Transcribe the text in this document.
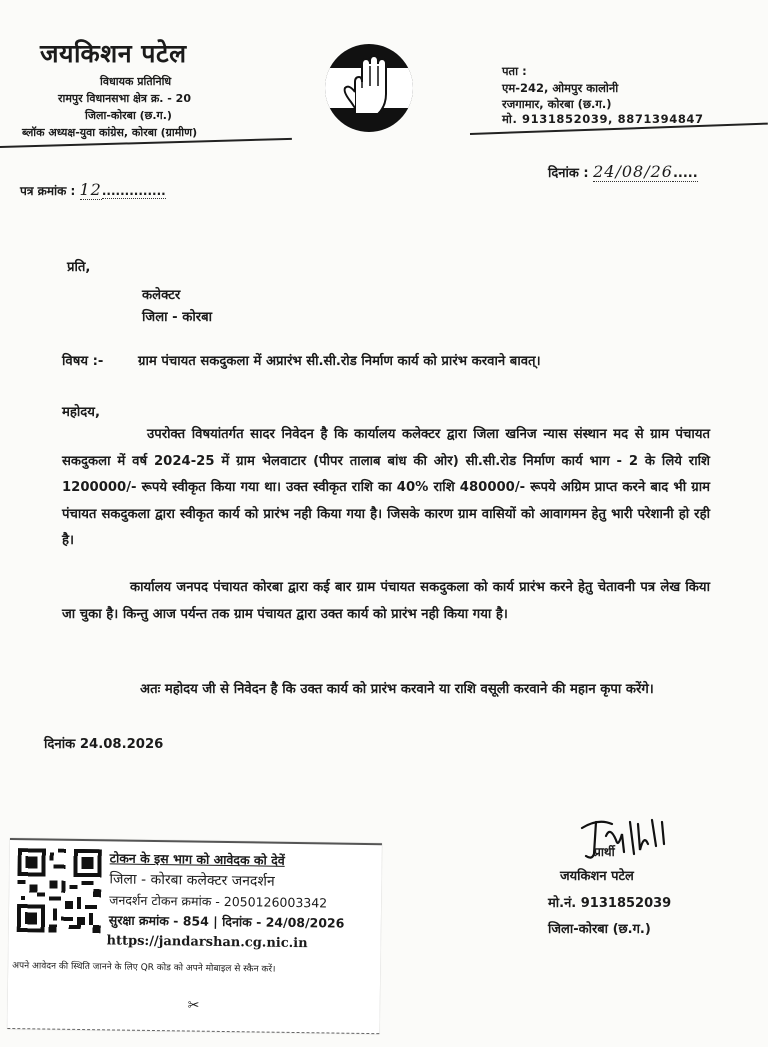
जयकिशन पटेल
विधायक प्रतिनिधि
रामपुर विधानसभा क्षेत्र क्र. - 20
जिला-कोरबा (छ.ग.)
ब्लॉक अध्यक्ष-युवा कांग्रेस, कोरबा (ग्रामीण)
पता :
एम-242, ओमपुर कालोनी
रजगामार, कोरबा (छ.ग.)
मो. 9131852039, 8871394847
पत्र क्रमांक : 12..............
दिनांक : 24/08/26.....
प्रति,
कलेक्टर
जिला - कोरबा
विषय :-	ग्राम पंचायत सकदुकला में अप्रारंभ सी.सी.रोड निर्माण कार्य को प्रारंभ करवाने बावत्।
महोदय,
उपरोक्त विषयांतर्गत सादर निवेदन है कि कार्यालय कलेक्टर द्वारा जिला खनिज न्यास संस्थान मद से ग्राम पंचायत सकदुकला में वर्ष 2024-25 में ग्राम भेलवाटार (पीपर तालाब बांध की ओर) सी.सी.रोड निर्माण कार्य भाग - 2 के लिये राशि 1200000/- रूपये स्वीकृत किया गया था। उक्त स्वीकृत राशि का 40% राशि 480000/- रूपये अग्रिम प्राप्त करने बाद भी ग्राम पंचायत सकदुकला द्वारा स्वीकृत कार्य को प्रारंभ नही किया गया है। जिसके कारण ग्राम वासियों को आवागमन हेतु भारी परेशानी हो रही है।
कार्यालय जनपद पंचायत कोरबा द्वारा कई बार ग्राम पंचायत सकदुकला को कार्य प्रारंभ करने हेतु चेतावनी पत्र लेख किया जा चुका है। किन्तु आज पर्यन्त तक ग्राम पंचायत द्वारा उक्त कार्य को प्रारंभ नही किया गया है।
अतः महोदय जी से निवेदन है कि उक्त कार्य को प्रारंभ करवाने या राशि वसूली करवाने की महान कृपा करेंगे।
दिनांक 24.08.2026
प्रार्थी
जयकिशन पटेल
मो.नं. 9131852039
जिला-कोरबा (छ.ग.)
टोकन के इस भाग को आवेदक को देवें
जिला - कोरबा कलेक्टर जनदर्शन
जनदर्शन टोकन क्रमांक - 2050126003342
सुरक्षा क्रमांक - 854 | दिनांक - 24/08/2026
https://jandarshan.cg.nic.in
अपने आवेदन की स्थिति जानने के लिए QR कोड को अपने मोबाइल से स्कैन करें।
✂
